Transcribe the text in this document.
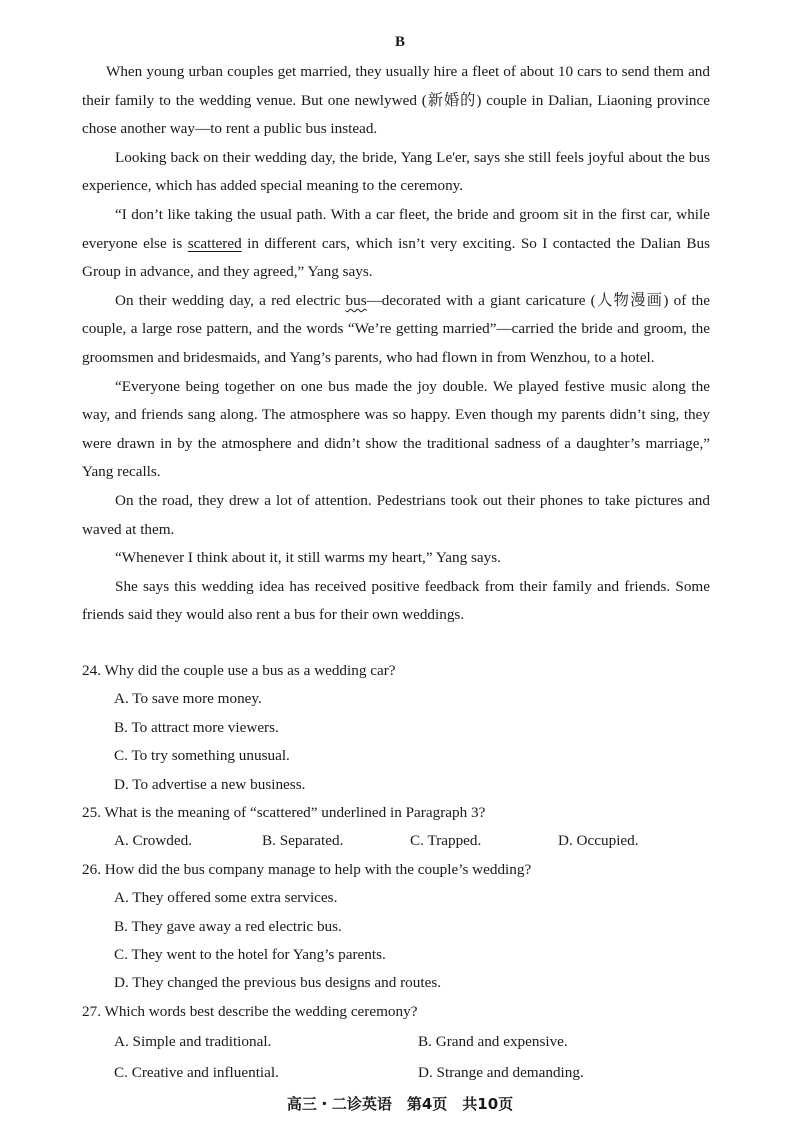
B

When young urban couples get married, they usually hire a fleet of about 10 cars to send them and their family to the wedding venue. But one newlywed (新婚的) couple in Dalian, Liaoning province chose another way—to rent a public bus instead.

Looking back on their wedding day, the bride, Yang Le'er, says she still feels joyful about the bus experience, which has added special meaning to the ceremony.

“I don’t like taking the usual path. With a car fleet, the bride and groom sit in the first car, while everyone else is scattered in different cars, which isn’t very exciting. So I contacted the Dalian Bus Group in advance, and they agreed,” Yang says.

On their wedding day, a red electric bus—decorated with a giant caricature (人物漫画) of the couple, a large rose pattern, and the words “We’re getting married”—carried the bride and groom, the groomsmen and bridesmaids, and Yang’s parents, who had flown in from Wenzhou, to a hotel.

“Everyone being together on one bus made the joy double. We played festive music along the way, and friends sang along. The atmosphere was so happy. Even though my parents didn’t sing, they were drawn in by the atmosphere and didn’t show the traditional sadness of a daughter’s marriage,” Yang recalls.

On the road, they drew a lot of attention. Pedestrians took out their phones to take pictures and waved at them.

“Whenever I think about it, it still warms my heart,” Yang says.

She says this wedding idea has received positive feedback from their family and friends. Some friends said they would also rent a bus for their own weddings.

24. Why did the couple use a bus as a wedding car?
A. To save more money.
B. To attract more viewers.
C. To try something unusual.
D. To advertise a new business.
25. What is the meaning of “scattered” underlined in Paragraph 3?
A. Crowded.	B. Separated.	C. Trapped.	D. Occupied.
26. How did the bus company manage to help with the couple’s wedding?
A. They offered some extra services.
B. They gave away a red electric bus.
C. They went to the hotel for Yang’s parents.
D. They changed the previous bus designs and routes.
27. Which words best describe the wedding ceremony?
A. Simple and traditional.	B. Grand and expensive.
C. Creative and influential.	D. Strange and demanding.
高三・二诊英语　第4页　共10页
